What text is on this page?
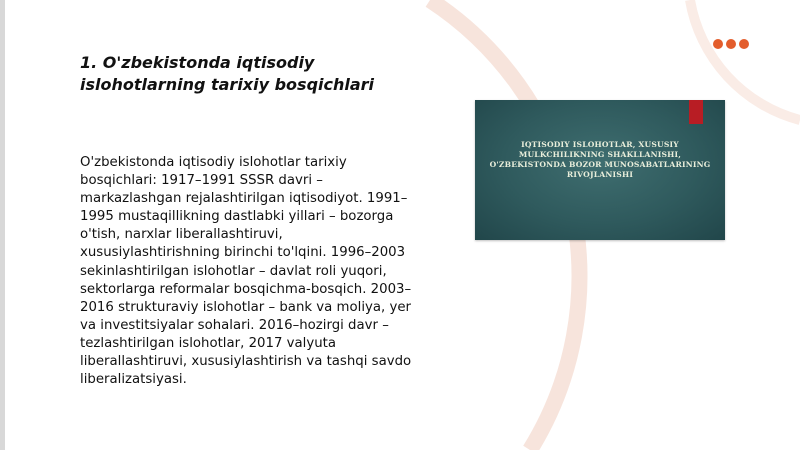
1. O'zbekistonda iqtisodiy islohotlarning tarixiy bosqichlari
O'zbekistonda iqtisodiy islohotlar tarixiy bosqichlari: 1917–1991 SSSR davri – markazlashgan rejalashtirilgan iqtisodiyot. 1991–1995 mustaqillikning dastlabki yillari – bozorga o'tish, narxlar liberallashtiruvi, xususiylashtirishning birinchi to'lqini. 1996–2003 sekinlashtirilgan islohotlar – davlat roli yuqori, sektorlarga reformalar bosqichma-bosqich. 2003–2016 strukturaviy islohotlar – bank va moliya, yer va investitsiyalar sohalari. 2016–hozirgi davr – tezlashtirilgan islohotlar, 2017 valyuta liberallashtiruvi, xususiylashtirish va tashqi savdo liberalizatsiyasi.
IQTISODIY ISLOHOTLAR, XUSUSIY MULKCHILIKNING SHAKLLANISHI, O'ZBEKISTONDA BOZOR MUNOSABATLARINING RIVOJLANISHI
